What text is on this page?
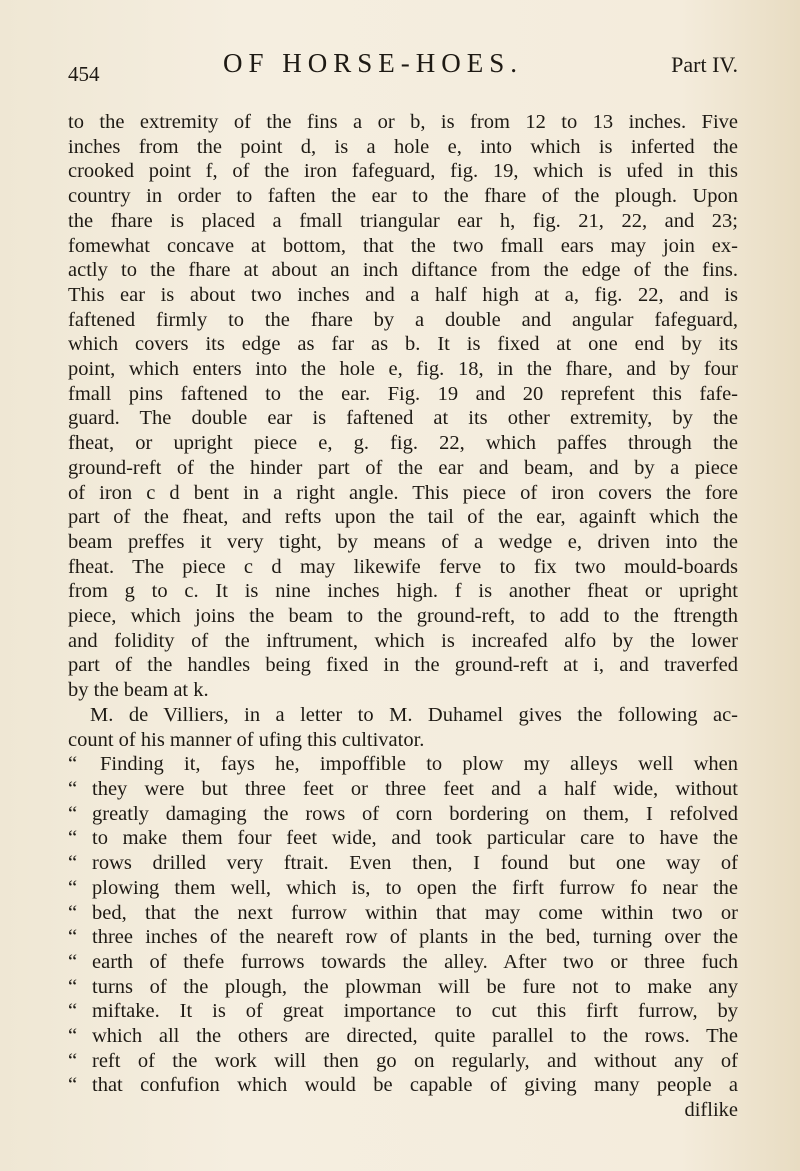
454	OF HORSE-HOES.	Part IV.
to the extremity of the fins a or b, is from 12 to 13 inches. Five
inches from the point d, is a hole e, into which is inferted the
crooked point f, of the iron fafeguard, fig. 19, which is ufed in this
country in order to faften the ear to the fhare of the plough. Upon
the fhare is placed a fmall triangular ear h, fig. 21, 22, and 23;
fomewhat concave at bottom, that the two fmall ears may join ex-
actly to the fhare at about an inch diftance from the edge of the fins.
This ear is about two inches and a half high at a, fig. 22, and is
faftened firmly to the fhare by a double and angular fafeguard,
which covers its edge as far as b. It is fixed at one end by its
point, which enters into the hole e, fig. 18, in the fhare, and by four
fmall pins faftened to the ear. Fig. 19 and 20 reprefent this fafe-
guard. The double ear is faftened at its other extremity, by the
fheat, or upright piece e, g. fig. 22, which paffes through the
ground-reft of the hinder part of the ear and beam, and by a piece
of iron c d bent in a right angle. This piece of iron covers the fore
part of the fheat, and refts upon the tail of the ear, againft which the
beam preffes it very tight, by means of a wedge e, driven into the
fheat. The piece c d may likewife ferve to fix two mould-boards
from g to c. It is nine inches high. f is another fheat or upright
piece, which joins the beam to the ground-reft, to add to the ftrength
and folidity of the inftrument, which is increafed alfo by the lower
part of the handles being fixed in the ground-reft at i, and traverfed
by the beam at k.
M. de Villiers, in a letter to M. Duhamel gives the following ac-
count of his manner of ufing this cultivator.
“ Finding it, fays he, impoffible to plow my alleys well when
“ they were but three feet or three feet and a half wide, without
“ greatly damaging the rows of corn bordering on them, I refolved
“ to make them four feet wide, and took particular care to have the
“ rows drilled very ftrait. Even then, I found but one way of
“ plowing them well, which is, to open the firft furrow fo near the
“ bed, that the next furrow within that may come within two or
“ three inches of the neareft row of plants in the bed, turning over the
“ earth of thefe furrows towards the alley. After two or three fuch
“ turns of the plough, the plowman will be fure not to make any
“ miftake. It is of great importance to cut this firft furrow, by
“ which all the others are directed, quite parallel to the rows. The
“ reft of the work will then go on regularly, and without any of
“ that confufion which would be capable of giving many people a
diflike
